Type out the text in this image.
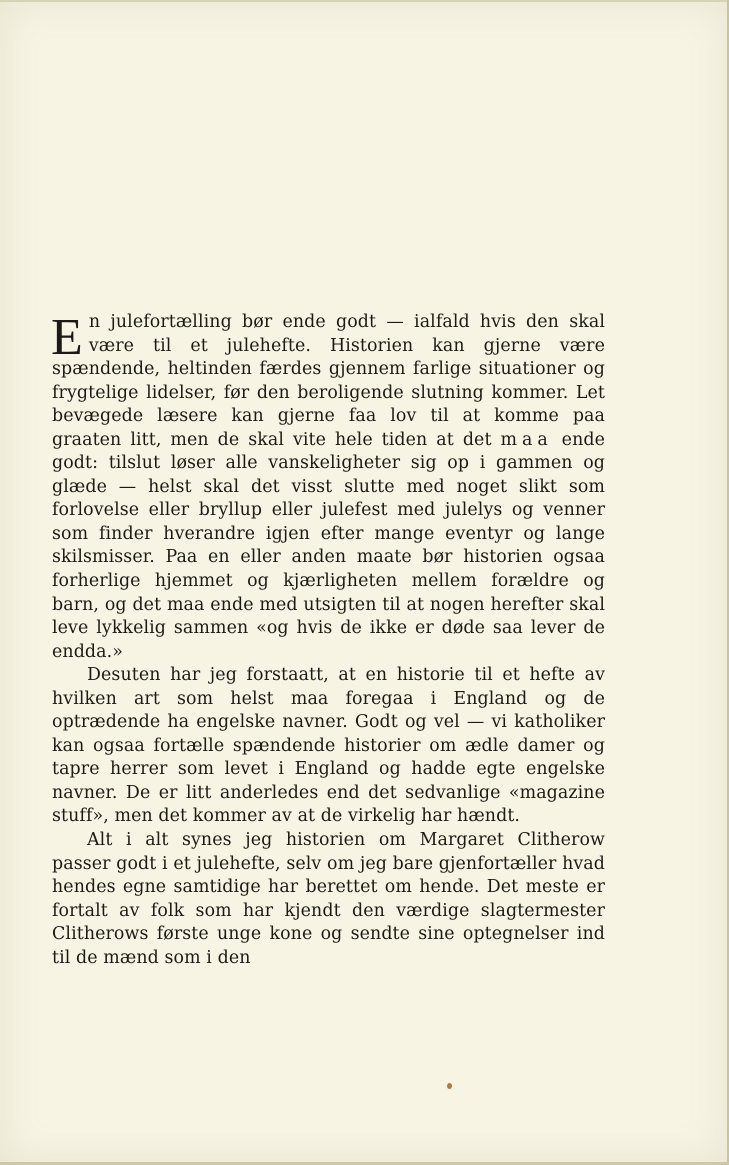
En julefortælling bør ende godt — ialfald hvis den skal være til et julehefte. Historien kan gjerne være spændende, heltinden færdes gjennem farlige situationer og frygtelige lidelser, før den beroligende slutning kommer. Let bevægede læsere kan gjerne faa lov til at komme paa graaten litt, men de skal vite hele tiden at det maa ende godt: tilslut løser alle vanskeligheter sig op i gammen og glæde — helst skal det visst slutte med noget slikt som forlovelse eller bryllup eller julefest med julelys og venner som finder hverandre igjen efter mange eventyr og lange skilsmisser. Paa en eller anden maate bør historien ogsaa forherlige hjemmet og kjærligheten mellem forældre og barn, og det maa ende med utsigten til at nogen herefter skal leve lykkelig sammen «og hvis de ikke er døde saa lever de endda.»

Desuten har jeg forstaatt, at en historie til et hefte av hvilken art som helst maa foregaa i England og de optrædende ha engelske navner. Godt og vel — vi katholiker kan ogsaa fortælle spændende historier om ædle damer og tapre herrer som levet i England og hadde egte engelske navner. De er litt anderledes end det sedvanlige «magazine stuff», men det kommer av at de virkelig har hændt.

Alt i alt synes jeg historien om Margaret Clitherow passer godt i et julehefte, selv om jeg bare gjenfortæller hvad hendes egne samtidige har berettet om hende. Det meste er fortalt av folk som har kjendt den værdige slagtermester Clitherows første unge kone og sendte sine optegnelser ind til de mænd som i den
